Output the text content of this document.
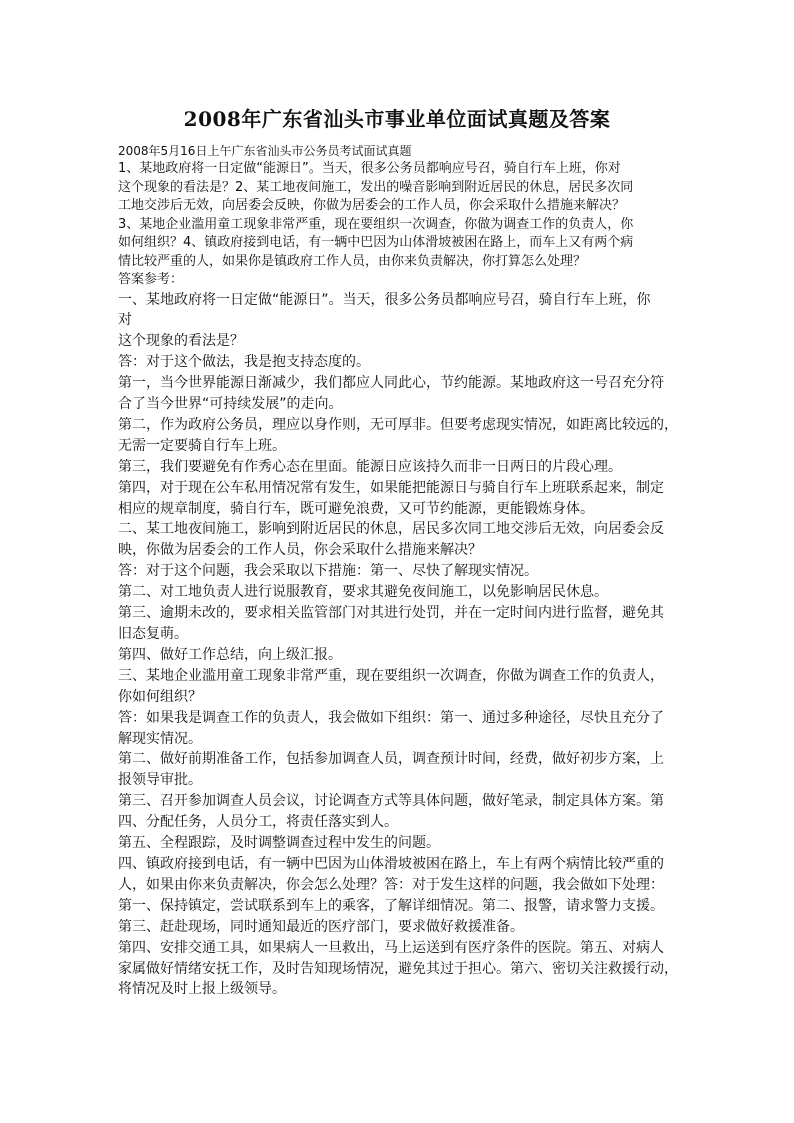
2008年广东省汕头市事业单位面试真题及答案

2008年5月16日上午广东省汕头市公务员考试面试真题

1、某地政府将一日定做“能源日”。当天，很多公务员都响应号召，骑自行车上班，你对

这个现象的看法是？2、某工地夜间施工，发出的噪音影响到附近居民的休息，居民多次同

工地交涉后无效，向居委会反映，你做为居委会的工作人员，你会采取什么措施来解决？

3、某地企业滥用童工现象非常严重，现在要组织一次调查，你做为调查工作的负责人，你

如何组织？4、镇政府接到电话，有一辆中巴因为山体滑坡被困在路上，而车上又有两个病

情比较严重的人，如果你是镇政府工作人员，由你来负责解决，你打算怎么处理？

答案参考：

一、某地政府将一日定做“能源日”。当天，很多公务员都响应号召，骑自行车上班，你

对

这个现象的看法是？

答：对于这个做法，我是抱支持态度的。

第一，当今世界能源日渐减少，我们都应人同此心，节约能源。某地政府这一号召充分符

合了当今世界“可持续发展”的走向。

第二，作为政府公务员，理应以身作则，无可厚非。但要考虑现实情况，如距离比较远的，

无需一定要骑自行车上班。

第三，我们要避免有作秀心态在里面。能源日应该持久而非一日两日的片段心理。

第四，对于现在公车私用情况常有发生，如果能把能源日与骑自行车上班联系起来，制定

相应的规章制度，骑自行车，既可避免浪费，又可节约能源，更能锻炼身体。

二、某工地夜间施工，影响到附近居民的休息，居民多次同工地交涉后无效，向居委会反

映，你做为居委会的工作人员，你会采取什么措施来解决？

答：对于这个问题，我会采取以下措施：第一、尽快了解现实情况。

第二、对工地负责人进行说服教育，要求其避免夜间施工，以免影响居民休息。

第三、逾期未改的，要求相关监管部门对其进行处罚，并在一定时间内进行监督，避免其

旧态复萌。

第四、做好工作总结，向上级汇报。

三、某地企业滥用童工现象非常严重，现在要组织一次调查，你做为调查工作的负责人，

你如何组织？

答：如果我是调查工作的负责人，我会做如下组织：第一、通过多种途径，尽快且充分了

解现实情况。

第二、做好前期准备工作，包括参加调查人员，调查预计时间，经费，做好初步方案，上

报领导审批。

第三、召开参加调查人员会议，讨论调查方式等具体问题，做好笔录，制定具体方案。第

四、分配任务，人员分工，将责任落实到人。

第五、全程跟踪，及时调整调查过程中发生的问题。

四、镇政府接到电话，有一辆中巴因为山体滑坡被困在路上，车上有两个病情比较严重的

人，如果由你来负责解决，你会怎么处理？答：对于发生这样的问题，我会做如下处理：

第一、保持镇定，尝试联系到车上的乘客，了解详细情况。第二、报警，请求警力支援。

第三、赶赴现场，同时通知最近的医疗部门，要求做好救援准备。

第四、安排交通工具，如果病人一旦救出，马上运送到有医疗条件的医院。第五、对病人

家属做好情绪安抚工作，及时告知现场情况，避免其过于担心。第六、密切关注救援行动，

将情况及时上报上级领导。
